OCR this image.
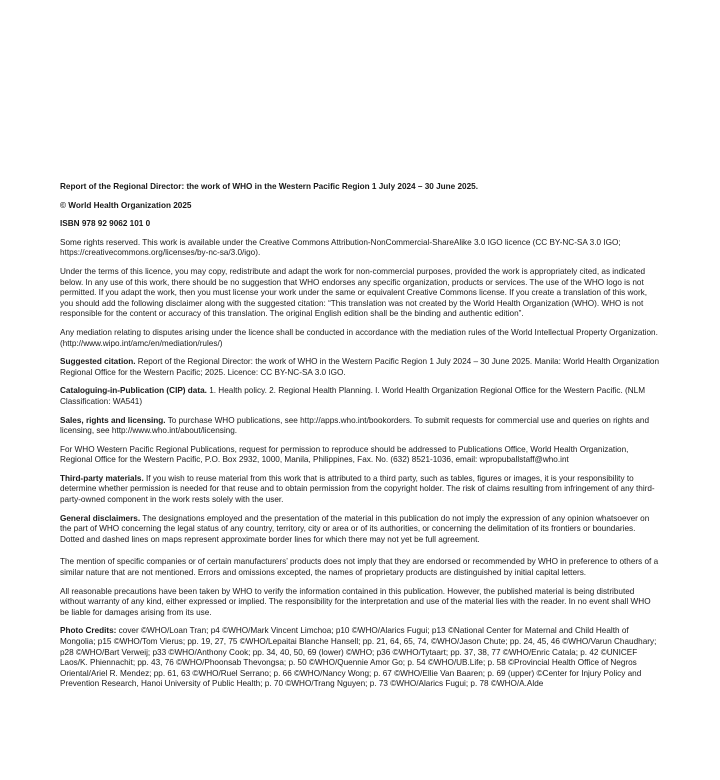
Report of the Regional Director: the work of WHO in the Western Pacific Region 1 July 2024 – 30 June 2025.

© World Health Organization 2025

ISBN 978 92 9062 101 0

Some rights reserved. This work is available under the Creative Commons Attribution-NonCommercial-ShareAlike 3.0 IGO licence (CC BY-NC-SA 3.0 IGO; https://creativecommons.org/licenses/by-nc-sa/3.0/igo).

Under the terms of this licence, you may copy, redistribute and adapt the work for non-commercial purposes, provided the work is appropriately cited, as indicated below. In any use of this work, there should be no suggestion that WHO endorses any specific organization, products or services. The use of the WHO logo is not permitted. If you adapt the work, then you must license your work under the same or equivalent Creative Commons license. If you create a translation of this work, you should add the following disclaimer along with the suggested citation: “This translation was not created by the World Health Organization (WHO). WHO is not responsible for the content or accuracy of this translation. The original English edition shall be the binding and authentic edition”.

Any mediation relating to disputes arising under the licence shall be conducted in accordance with the mediation rules of the World Intellectual Property Organization. (http://www.wipo.int/amc/en/mediation/rules/)

Suggested citation. Report of the Regional Director: the work of WHO in the Western Pacific Region 1 July 2024 – 30 June 2025. Manila: World Health Organization Regional Office for the Western Pacific; 2025. Licence: CC BY-NC-SA 3.0 IGO.

Cataloguing-in-Publication (CIP) data. 1. Health policy. 2. Regional Health Planning. I. World Health Organization Regional Office for the Western Pacific. (NLM Classification: WA541)

Sales, rights and licensing. To purchase WHO publications, see http://apps.who.int/bookorders. To submit requests for commercial use and queries on rights and licensing, see http://www.who.int/about/licensing.

For WHO Western Pacific Regional Publications, request for permission to reproduce should be addressed to Publications Office, World Health Organization, Regional Office for the Western Pacific, P.O. Box 2932, 1000, Manila, Philippines, Fax. No. (632) 8521-1036, email: wpropuballstaff@who.int

Third-party materials. If you wish to reuse material from this work that is attributed to a third party, such as tables, figures or images, it is your responsibility to determine whether permission is needed for that reuse and to obtain permission from the copyright holder. The risk of claims resulting from infringement of any third-party-owned component in the work rests solely with the user.

General disclaimers. The designations employed and the presentation of the material in this publication do not imply the expression of any opinion whatsoever on the part of WHO concerning the legal status of any country, territory, city or area or of its authorities, or concerning the delimitation of its frontiers or boundaries. Dotted and dashed lines on maps represent approximate border lines for which there may not yet be full agreement.

The mention of specific companies or of certain manufacturers’ products does not imply that they are endorsed or recommended by WHO in preference to others of a similar nature that are not mentioned. Errors and omissions excepted, the names of proprietary products are distinguished by initial capital letters.

All reasonable precautions have been taken by WHO to verify the information contained in this publication. However, the published material is being distributed without warranty of any kind, either expressed or implied. The responsibility for the interpretation and use of the material lies with the reader. In no event shall WHO be liable for damages arising from its use.

Photo Credits: cover ©WHO/Loan Tran; p4 ©WHO/Mark Vincent Limchoa; p10 ©WHO/Alarics Fugui; p13 ©National Center for Maternal and Child Health of Mongolia; p15 ©WHO/Tom Vierus; pp. 19, 27, 75 ©WHO/Lepaitai Blanche Hansell; pp. 21, 64, 65, 74, ©WHO/Jason Chute; pp. 24, 45, 46 ©WHO/Varun Chaudhary; p28 ©WHO/Bart Verweij; p33 ©WHO/Anthony Cook; pp. 34, 40, 50, 69 (lower) ©WHO; p36 ©WHO/Tytaart; pp. 37, 38, 77 ©WHO/Enric Catala; p. 42 ©UNICEF Laos/K. Phiennachit; pp. 43, 76 ©WHO/Phoonsab Thevongsa; p. 50 ©WHO/Quennie Amor Go; p. 54 ©WHO/UB.Life; p. 58 ©Provincial Health Office of Negros Oriental/Ariel R. Mendez; pp. 61, 63 ©WHO/Ruel Serrano; p. 66 ©WHO/Nancy Wong; p. 67 ©WHO/Ellie Van Baaren; p. 69 (upper) ©Center for Injury Policy and Prevention Research, Hanoi University of Public Health; p. 70 ©WHO/Trang Nguyen; p. 73 ©WHO/Alarics Fugui; p. 78 ©WHO/A.Alde
